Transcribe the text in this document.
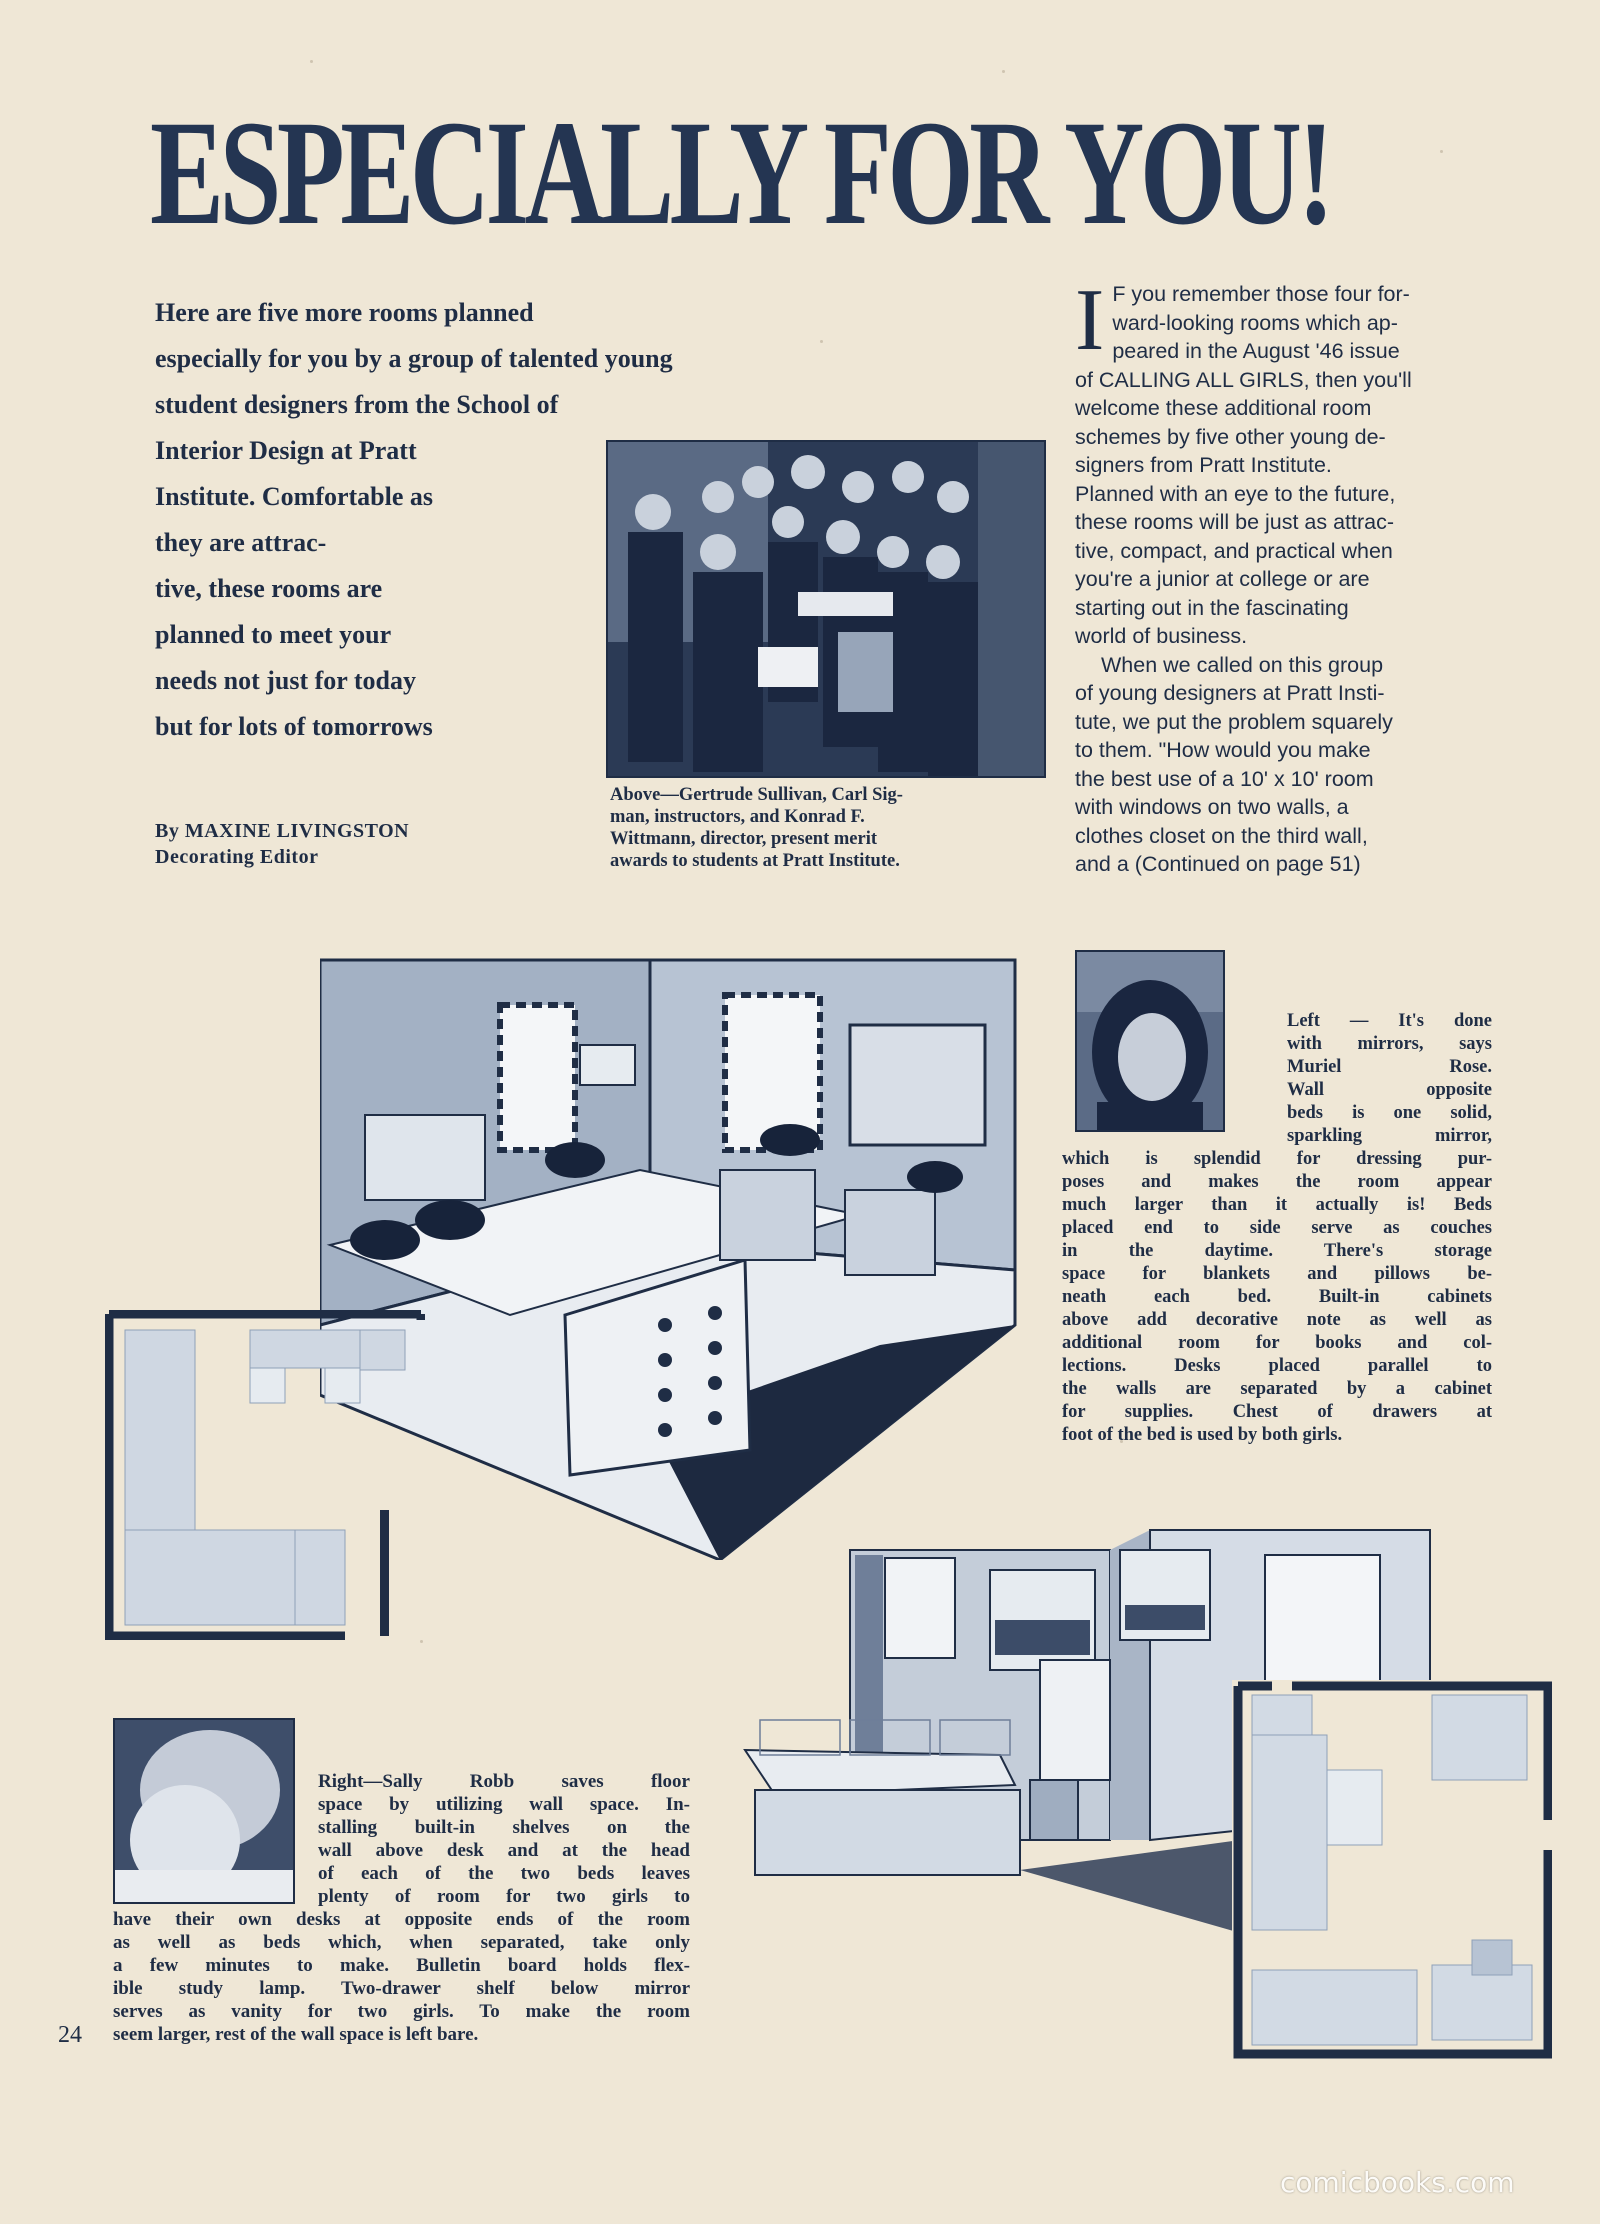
ESPECIALLY FOR YOU!

Here are five more rooms planned
especially for you by a group of talented young
student designers from the School of
Interior Design at Pratt
Institute. Comfortable as
they are attrac-
tive, these rooms are
planned to meet your
needs not just for today
but for lots of tomorrows

By MAXINE LIVINGSTON
Decorating Editor

Above—Gertrude Sullivan, Carl Sig-
man, instructors, and Konrad F.
Wittmann, director, present merit
awards to students at Pratt Institute.

I F you remember those four for-
ward-looking rooms which ap-
peared in the August '46 issue
of CALLING ALL GIRLS, then you'll
welcome these additional room
schemes by five other young de-
signers from Pratt Institute.
Planned with an eye to the future,
these rooms will be just as attrac-
tive, compact, and practical when
you're a junior at college or are
starting out in the fascinating
world of business.
When we called on this group
of young designers at Pratt Insti-
tute, we put the problem squarely
to them. "How would you make
the best use of a 10' x 10' room
with windows on two walls, a
clothes closet on the third wall,
and a (Continued on page 51)

Left — It's done
with mirrors, says
Muriel Rose.
Wall opposite
beds is one solid,
sparkling mirror,
which is splendid for dressing pur-
poses and makes the room appear
much larger than it actually is! Beds
placed end to side serve as couches
in the daytime. There's storage
space for blankets and pillows be-
neath each bed. Built-in cabinets
above add decorative note as well as
additional room for books and col-
lections. Desks placed parallel to
the walls are separated by a cabinet
for supplies. Chest of drawers at
foot of the bed is used by both girls.

Right—Sally Robb saves floor
space by utilizing wall space. In-
stalling built-in shelves on the
wall above desk and at the head
of each of the two beds leaves
plenty of room for two girls to
have their own desks at opposite ends of the room
as well as beds which, when separated, take only
a few minutes to make. Bulletin board holds flex-
ible study lamp. Two-drawer shelf below mirror
serves as vanity for two girls. To make the room
seem larger, rest of the wall space is left bare.

24
comicbooks.com
